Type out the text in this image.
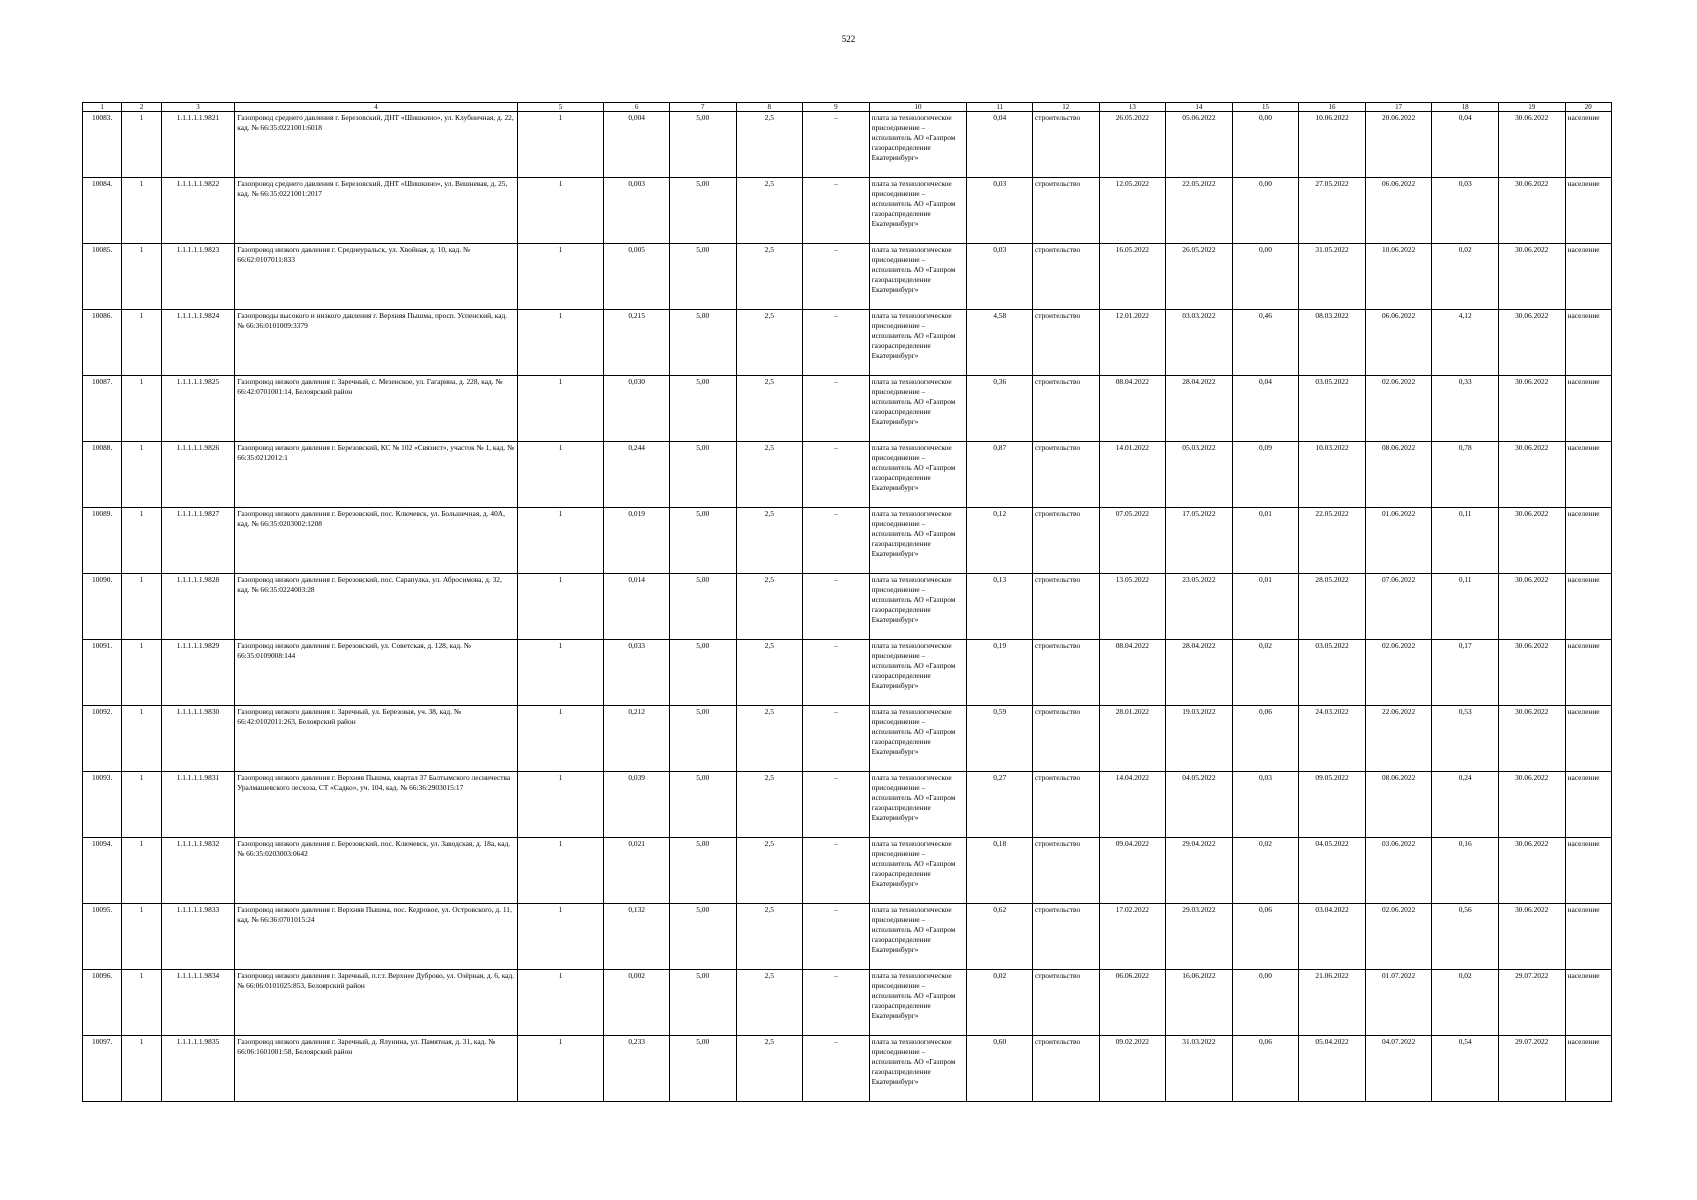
522
1	2	3	4	5	6	7	8	9	10	11	12	13	14	15	16	17	18	19	20
10083.	1	1.1.1.1.1.9821	Газопровод среднего давления г. Березовский, ДНТ «Шишкино», ул. Клубничная, д. 22, кад. № 66:35:0221001:6018	1	0,004	5,00	2,5	–	плата за технологическое присоединение – исполнитель АО «Газпром газораспределение Екатеринбург»	0,04	строительство	26.05.2022	05.06.2022	0,00	10.06.2022	20.06.2022	0,04	30.06.2022	население
10084.	1	1.1.1.1.1.9822	Газопровод среднего давления г. Березовский, ДНТ «Шишкино», ул. Вишневая, д. 25, кад. № 66:35:0221001:2017	1	0,003	5,00	2,5	–	плата за технологическое присоединение – исполнитель АО «Газпром газораспределение Екатеринбург»	0,03	строительство	12.05.2022	22.05.2022	0,00	27.05.2022	06.06.2022	0,03	30.06.2022	население
10085.	1	1.1.1.1.1.9823	Газопровод низкого давления г. Среднеуральск, ул. Хвойная, д. 10, кад. № 66:62:0107011:833	1	0,005	5,00	2,5	–	плата за технологическое присоединение – исполнитель АО «Газпром газораспределение Екатеринбург»	0,03	строительство	16.05.2022	26.05.2022	0,00	31.05.2022	10.06.2022	0,02	30.06.2022	население
10086.	1	1.1.1.1.1.9824	Газопроводы высокого и низкого давления г. Верхняя Пышма, просп. Успенский, кад. № 66:36:0101009:3379	1	0,215	5,00	2,5	–	плата за технологическое присоединение – исполнитель АО «Газпром газораспределение Екатеринбург»	4,58	строительство	12.01.2022	03.03.2022	0,46	08.03.2022	06.06.2022	4,12	30.06.2022	население
10087.	1	1.1.1.1.1.9825	Газопровод низкого давления г. Заречный, с. Мезенское, ул. Гагарина, д. 228, кад. № 66:42:0701001:14, Белоярский район	1	0,030	5,00	2,5	–	плата за технологическое присоединение – исполнитель АО «Газпром газораспределение Екатеринбург»	0,36	строительство	08.04.2022	28.04.2022	0,04	03.05.2022	02.06.2022	0,33	30.06.2022	население
10088.	1	1.1.1.1.1.9826	Газопровод низкого давления г. Березовский, КС № 102 «Связист», участок № 1, кад. № 66:35:0212012:1	1	0,244	5,00	2,5	–	плата за технологическое присоединение – исполнитель АО «Газпром газораспределение Екатеринбург»	0,87	строительство	14.01.2022	05.03.2022	0,09	10.03.2022	08.06.2022	0,78	30.06.2022	население
10089.	1	1.1.1.1.1.9827	Газопровод низкого давления г. Березовский, пос. Ключевск, ул. Большечная, д. 40А, кад. № 66:35:0203002:1208	1	0,019	5,00	2,5	–	плата за технологическое присоединение – исполнитель АО «Газпром газораспределение Екатеринбург»	0,12	строительство	07.05.2022	17.05.2022	0,01	22.05.2022	01.06.2022	0,11	30.06.2022	население
10090.	1	1.1.1.1.1.9828	Газопровод низкого давления г. Березовский, пос. Сарапулка, ул. Абросимова, д. 32, кад. № 66:35:0224003:28	1	0,014	5,00	2,5	–	плата за технологическое присоединение – исполнитель АО «Газпром газораспределение Екатеринбург»	0,13	строительство	13.05.2022	23.05.2022	0,01	28.05.2022	07.06.2022	0,11	30.06.2022	население
10091.	1	1.1.1.1.1.9829	Газопровод низкого давления г. Березовский, ул. Советская, д. 128, кад. № 66:35:0109008:144	1	0,033	5,00	2,5	–	плата за технологическое присоединение – исполнитель АО «Газпром газораспределение Екатеринбург»	0,19	строительство	08.04.2022	28.04.2022	0,02	03.05.2022	02.06.2022	0,17	30.06.2022	население
10092.	1	1.1.1.1.1.9830	Газопровод низкого давления г. Заречный, ул. Березовая, уч. 38, кад. № 66:42:0102011:263, Белоярский район	1	0,212	5,00	2,5	–	плата за технологическое присоединение – исполнитель АО «Газпром газораспределение Екатеринбург»	0,59	строительство	28.01.2022	19.03.2022	0,06	24.03.2022	22.06.2022	0,53	30.06.2022	население
10093.	1	1.1.1.1.1.9831	Газопровод низкого давления г. Верхняя Пышма, квартал 37 Балтымского лесничества Уралмашевского лесхоза, СТ «Садко», уч. 104, кад. № 66:36:2903015:17	1	0,039	5,00	2,5	–	плата за технологическое присоединение – исполнитель АО «Газпром газораспределение Екатеринбург»	0,27	строительство	14.04.2022	04.05.2022	0,03	09.05.2022	08.06.2022	0,24	30.06.2022	население
10094.	1	1.1.1.1.1.9832	Газопровод низкого давления г. Березовский, пос. Ключевск, ул. Заводская, д. 18а, кад. № 66:35:0203003:0642	1	0,021	5,00	2,5	–	плата за технологическое присоединение – исполнитель АО «Газпром газораспределение Екатеринбург»	0,18	строительство	09.04.2022	29.04.2022	0,02	04.05.2022	03.06.2022	0,16	30.06.2022	население
10095.	1	1.1.1.1.1.9833	Газопровод низкого давления г. Верхняя Пышма, пос. Кедровое, ул. Островского, д. 11, кад. № 66:36:0701015:24	1	0,132	5,00	2,5	–	плата за технологическое присоединение – исполнитель АО «Газпром газораспределение Екатеринбург»	0,62	строительство	17.02.2022	29.03.2022	0,06	03.04.2022	02.06.2022	0,56	30.06.2022	население
10096.	1	1.1.1.1.1.9834	Газопровод низкого давления г. Заречный, п.г.т. Верхнее Дуброво, ул. Озёрная, д. 6, кад. № 66:06:0101025:853, Белоярский район	1	0,002	5,00	2,5	–	плата за технологическое присоединение – исполнитель АО «Газпром газораспределение Екатеринбург»	0,02	строительство	06.06.2022	16.06.2022	0,00	21.06.2022	01.07.2022	0,02	29.07.2022	население
10097.	1	1.1.1.1.1.9835	Газопровод низкого давления г. Заречный, д. Ялунина, ул. Памятная, д. 31, кад. № 66:06:1601001:58, Белоярский район	1	0,233	5,00	2,5	–	плата за технологическое присоединение – исполнитель АО «Газпром газораспределение Екатеринбург»	0,60	строительство	09.02.2022	31.03.2022	0,06	05.04.2022	04.07.2022	0,54	29.07.2022	население
